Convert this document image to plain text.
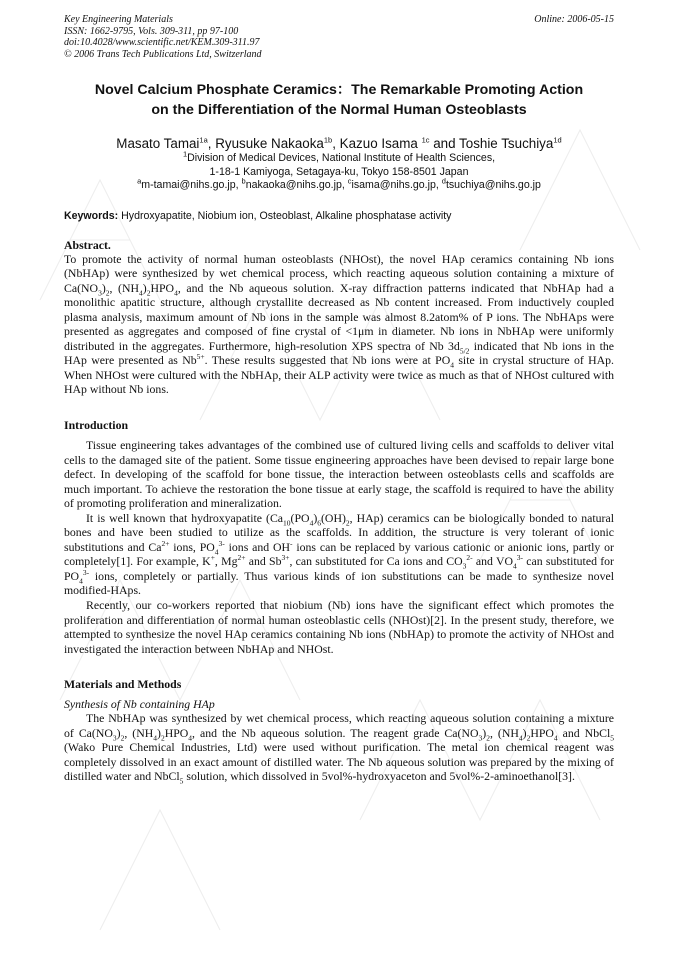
Key Engineering Materials	Online: 2006-05-15
ISSN: 1662-9795, Vols. 309-311, pp 97-100
doi:10.4028/www.scientific.net/KEM.309-311.97
© 2006 Trans Tech Publications Ltd, Switzerland
Novel Calcium Phosphate Ceramics：The Remarkable Promoting Action
on the Differentiation of the Normal Human Osteoblasts
Masato Tamai$^{1a}$, Ryusuke Nakaoka$^{1b}$, Kazuo Isama $^{1c}$ and Toshie Tsuchiya$^{1d}$
$^1$Division of Medical Devices, National Institute of Health Sciences,
1-18-1 Kamiyoga, Setagaya-ku, Tokyo 158-8501 Japan
$^a$m-tamai@nihs.go.jp, $^b$nakaoka@nihs.go.jp, $^c$isama@nihs.go.jp, $^d$tsuchiya@nihs.go.jp
Keywords: Hydroxyapatite, Niobium ion, Osteoblast, Alkaline phosphatase activity
Abstract.

To promote the activity of normal human osteoblasts (NHOst), the novel HAp ceramics containing Nb ions (NbHAp) were synthesized by wet chemical process, which reacting aqueous solution containing a mixture of $Ca(NO_3)_2$, $(NH_4)_2HPO_4$, and the Nb aqueous solution. X-ray diffraction patterns indicated that NbHAp had a monolithic apatitic structure, although crystallite decreased as Nb content increased. From inductively coupled plasma analysis, maximum amount of Nb ions in the sample was almost 8.2atom% of P ions. The NbHAps were presented as aggregates and composed of fine crystal of <1μm in diameter. Nb ions in NbHAp were uniformly distributed in the aggregates. Furthermore, high-resolution XPS spectra of Nb $3d_{5/2}$ indicated that Nb ions in the HAp were presented as $Nb^{5+}$. These results suggested that Nb ions were at $PO_4$ site in crystal structure of HAp. When NHOst were cultured with the NbHAp, their ALP activity were twice as much as that of NHOst cultured with HAp without Nb ions.

Introduction

Tissue engineering takes advantages of the combined use of cultured living cells and scaffolds to deliver vital cells to the damaged site of the patient. Some tissue engineering approaches have been devised to repair large bone defect. In developing of the scaffold for bone tissue, the interaction between osteoblasts cells and scaffolds are much important. To achieve the restoration the bone tissue at early stage, the scaffold is required to have the ability of promoting proliferation and mineralization.

It is well known that hydroxyapatite ($Ca_{10}(PO_4)_6(OH)_2$, HAp) ceramics can be biologically bonded to natural bones and have been studied to utilize as the scaffolds. In addition, the structure is very tolerant of ionic substitutions and $Ca^{2+}$ ions, $PO_4^{3-}$ ions and OH- ions can be replaced by various cationic or anionic ions, partly or completely[1]. For example, K+, $Mg^{2+}$ and $Sb^{3+}$, can substituted for Ca ions and $CO_3^{2-}$ and $VO_4^{3-}$ can substituted for $PO_4^{3-}$ ions, completely or partially. Thus various kinds of ion substitutions can be made to synthesize novel modified-HAps.

Recently, our co-workers reported that niobium (Nb) ions have the significant effect which promotes the proliferation and differentiation of normal human osteoblastic cells (NHOst)[2]. In the present study, therefore, we attempted to synthesize the novel HAp ceramics containing Nb ions (NbHAp) to promote the activity of NHOst and investigated the interaction between NbHAp and NHOst.

Materials and Methods
Synthesis of Nb containing HAp

The NbHAp was synthesized by wet chemical process, which reacting aqueous solution containing a mixture of $Ca(NO_3)_2$, $(NH_4)_2HPO_4$, and the Nb aqueous solution. The reagent grade $Ca(NO_3)_2$, $(NH_4)_2HPO_4$ and NbCl$_5$ (Wako Pure Chemical Industries, Ltd) were used without purification. The metal ion chemical reagent was completely dissolved in an exact amount of distilled water. The Nb aqueous solution was prepared by the mixing of distilled water and NbCl$_5$ solution, which dissolved in 5vol%-hydroxyaceton and 5vol%-2-aminoethanol[3].
